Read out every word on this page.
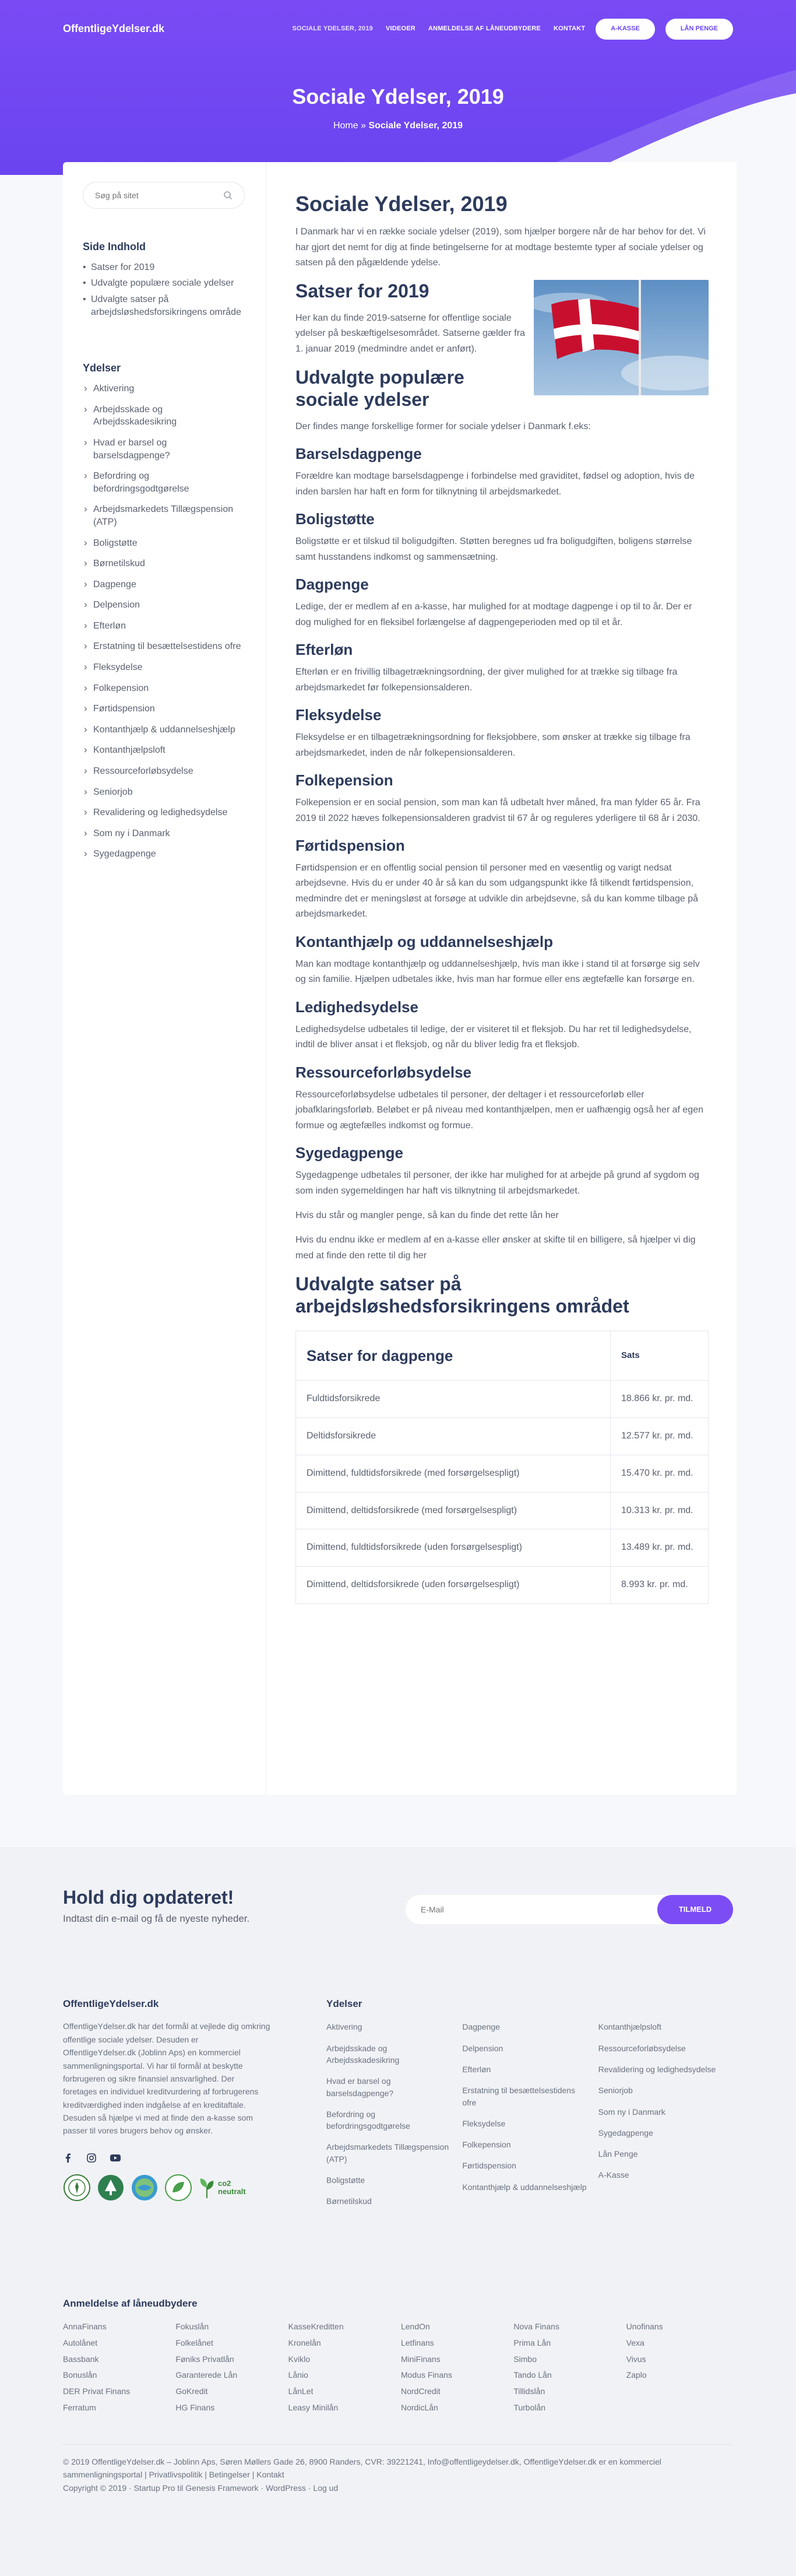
OffentligeYdelser.dk	SOCIALE YDELSER, 2019 VIDEOER ANMELDELSE AF LÅNEUDBYDERE KONTAKT	A-KASSE	LÅN PENGE
Sociale Ydelser, 2019
Home » Sociale Ydelser, 2019
Søg på sitet
Side Indhold
• Satser for 2019
• Udvalgte populære sociale ydelser
• Udvalgte satser på arbejdsløshedsforsikringens område
Ydelser
› Aktivering
› Arbejdsskade og Arbejdsskadesikring
› Hvad er barsel og barselsdagpenge?
› Befordring og befordringsgodtgørelse
› Arbejdsmarkedets Tillægspension (ATP)
› Boligstøtte
› Børnetilskud
› Dagpenge
› Delpension
› Efterløn
› Erstatning til besættelsestidens ofre
› Fleksydelse
› Folkepension
› Førtidspension
› Kontanthjælp & uddannelseshjælp
› Kontanthjælpsloft
› Ressourceforløbsydelse
› Seniorjob
› Revalidering og ledighedsydelse
› Som ny i Danmark
› Sygedagpenge
Sociale Ydelser, 2019

I Danmark har vi en række sociale ydelser (2019), som hjælper borgere når de har behov for det. Vi har gjort det nemt for dig at finde betingelserne for at modtage bestemte typer af sociale ydelser og satsen på den pågældende ydelse.

Satser for 2019

Her kan du finde 2019-satserne for offentlige sociale ydelser på beskæftigelsesområdet. Satserne gælder fra 1. januar 2019 (medmindre andet er anført).

Udvalgte populære sociale ydelser

Der findes mange forskellige former for sociale ydelser i Danmark f.eks:

Barselsdagpenge

Forældre kan modtage barselsdagpenge i forbindelse med graviditet, fødsel og adoption, hvis de inden barslen har haft en form for tilknytning til arbejdsmarkedet.

Boligstøtte

Boligstøtte er et tilskud til boligudgiften. Støtten beregnes ud fra boligudgiften, boligens størrelse samt husstandens indkomst og sammensætning.

Dagpenge

Ledige, der er medlem af en a-kasse, har mulighed for at modtage dagpenge i op til to år. Der er dog mulighed for en fleksibel forlængelse af dagpengeperioden med op til et år.

Efterløn

Efterløn er en frivillig tilbagetrækningsordning, der giver mulighed for at trække sig tilbage fra arbejdsmarkedet før folkepensionsalderen.

Fleksydelse

Fleksydelse er en tilbagetrækningsordning for fleksjobbere, som ønsker at trække sig tilbage fra arbejdsmarkedet, inden de når folkepensionsalderen.

Folkepension

Folkepension er en social pension, som man kan få udbetalt hver måned, fra man fylder 65 år. Fra 2019 til 2022 hæves folkepensionsalderen gradvist til 67 år og reguleres yderligere til 68 år i 2030.

Førtidspension

Førtidspension er en offentlig social pension til personer med en væsentlig og varigt nedsat arbejdsevne. Hvis du er under 40 år så kan du som udgangspunkt ikke få tilkendt førtidspension, medmindre det er meningsløst at forsøge at udvikle din arbejdsevne, så du kan komme tilbage på arbejdsmarkedet.

Kontanthjælp og uddannelseshjælp

Man kan modtage kontanthjælp og uddannelseshjælp, hvis man ikke i stand til at forsørge sig selv og sin familie. Hjælpen udbetales ikke, hvis man har formue eller ens ægtefælle kan forsørge en.

Ledighedsydelse

Ledighedsydelse udbetales til ledige, der er visiteret til et fleksjob. Du har ret til ledighedsydelse, indtil de bliver ansat i et fleksjob, og når du bliver ledig fra et fleksjob.

Ressourceforløbsydelse

Ressourceforløbsydelse udbetales til personer, der deltager i et ressourceforløb eller jobafklaringsforløb. Beløbet er på niveau med kontanthjælpen, men er uafhængig også her af egen formue og ægtefælles indkomst og formue.

Sygedagpenge

Sygedagpenge udbetales til personer, der ikke har mulighed for at arbejde på grund af sygdom og som inden sygemeldingen har haft vis tilknytning til arbejdsmarkedet.

Hvis du står og mangler penge, så kan du finde det rette lån her

Hvis du endnu ikke er medlem af en a-kasse eller ønsker at skifte til en billigere, så hjælper vi dig med at finde den rette til dig her

Udvalgte satser på arbejdsløshedsforsikringens området
Satser for dagpenge	Sats
Fuldtidsforsikrede	18.866 kr. pr. md.
Deltidsforsikrede	12.577 kr. pr. md.
Dimittend, fuldtidsforsikrede (med forsørgelsespligt)	15.470 kr. pr. md.
Dimittend, deltidsforsikrede (med forsørgelsespligt)	10.313 kr. pr. md.
Dimittend, fuldtidsforsikrede (uden forsørgelsespligt)	13.489 kr. pr. md.
Dimittend, deltidsforsikrede (uden forsørgelsespligt)	8.993 kr. pr. md.
Hold dig opdateret!
Indtast din e-mail og få de nyeste nyheder.
E-Mail
TILMELD
OffentligeYdelser.dk

OffentligeYdelser.dk har det formål at vejlede dig omkring offentlige sociale ydelser. Desuden er OffentligeYdelser.dk (Joblinn Aps) en kommerciel sammenligningsportal. Vi har til formål at beskytte forbrugeren og sikre finansiel ansvarlighed. Der foretages en individuel kreditvurdering af forbrugerens kreditværdighed inden indgåelse af en kreditaftale. Desuden så hjælpe vi med at finde den a-kasse som passer til vores brugers behov og ønsker.

co2 neutralt
Ydelser
Aktivering
Arbejdsskade og Arbejdsskadesikring
Hvad er barsel og barselsdagpenge?
Befordring og befordringsgodtgørelse
Arbejdsmarkedets Tillægspension (ATP)
Boligstøtte
Børnetilskud
Dagpenge
Delpension
Efterløn
Erstatning til besættelsestidens ofre
Fleksydelse
Folkepension
Førtidspension
Kontanthjælp & uddannelseshjælp
Kontanthjælpsloft
Ressourceforløbsydelse
Revalidering og ledighedsydelse
Seniorjob
Som ny i Danmark
Sygedagpenge
Lån Penge
A-Kasse
Anmeldelse af låneudbydere
AnnaFinans
Autolånet
Bassbank
Bonuslån
DER Privat Finans
Ferratum
Fokuslån
Folkelånet
Føniks Privatlån
Garanterede Lån
GoKredit
HG Finans
KasseKreditten
Kronelån
Kviklo
Lånio
LånLet
Leasy Minilån
LendOn
Letfinans
MiniFinans
Modus Finans
NordCredit
NordicLån
Nova Finans
Prima Lån
Simbo
Tando Lån
Tillidslån
Turbolån
Unofinans
Vexa
Vivus
Zaplo
© 2019 OffentligeYdelser.dk – Joblinn Aps, Søren Møllers Gade 26, 8900 Randers, CVR: 39221241, Info@offentligeydelser.dk, OffentligeYdelser.dk er en kommerciel sammenligningsportal | Privatlivspolitik | Betingelser | Kontakt
Copyright © 2019 · Startup Pro til Genesis Framework · WordPress · Log ud
